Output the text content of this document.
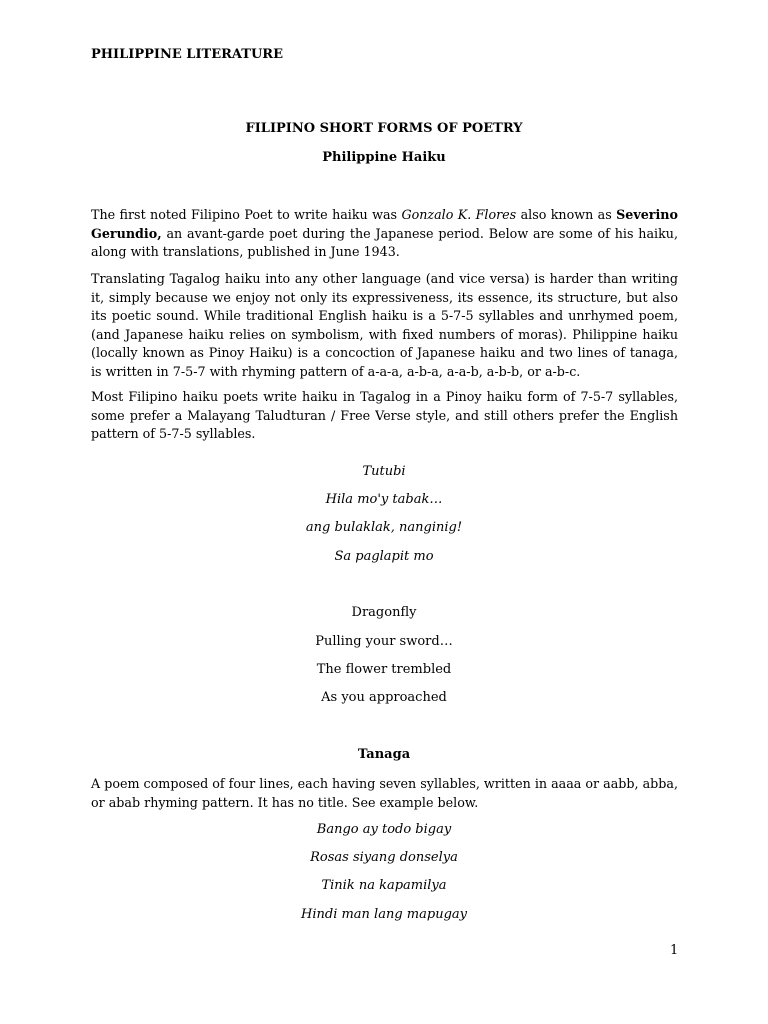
PHILIPPINE LITERATURE
FILIPINO SHORT FORMS OF POETRY
Philippine Haiku
The first noted Filipino Poet to write haiku was Gonzalo K. Flores also known as Severino Gerundio, an avant-garde poet during the Japanese period. Below are some of his haiku, along with translations, published in June 1943.
Translating Tagalog haiku into any other language (and vice versa) is harder than writing it, simply because we enjoy not only its expressiveness, its essence, its structure, but also its poetic sound. While traditional English haiku is a 5-7-5 syllables and unrhymed poem, (and Japanese haiku relies on symbolism, with fixed numbers of moras). Philippine haiku (locally known as Pinoy Haiku) is a concoction of Japanese haiku and two lines of tanaga, is written in 7-5-7 with rhyming pattern of a-a-a, a-b-a, a-a-b, a-b-b, or a-b-c.
Most Filipino haiku poets write haiku in Tagalog in a Pinoy haiku form of 7-5-7 syllables, some prefer a Malayang Taludturan / Free Verse style, and still others prefer the English pattern of 5-7-5 syllables.
Tutubi
Hila mo'y tabak…
ang bulaklak, nanginig!
Sa paglapit mo
Dragonfly
Pulling your sword…
The flower trembled
As you approached
Tanaga
A poem composed of four lines, each having seven syllables, written in aaaa or aabb, abba, or abab rhyming pattern. It has no title. See example below.
Bango ay todo bigay
Rosas siyang donselya
Tinik na kapamilya
Hindi man lang mapugay
1
